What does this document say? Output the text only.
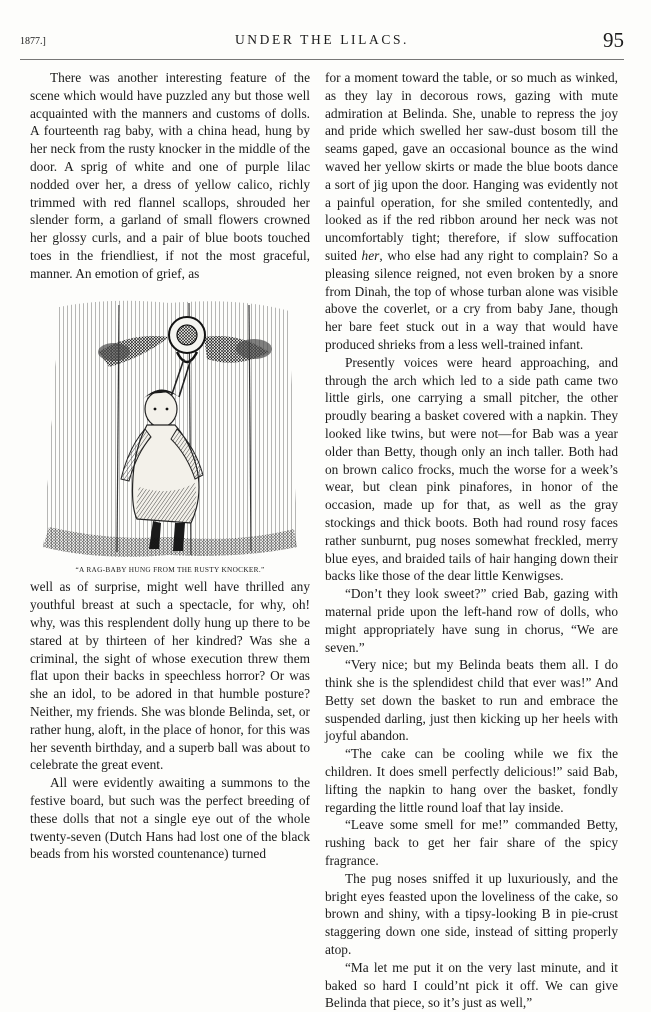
1877.]	UNDER THE LILACS.	95

There was another interesting feature of the scene which would have puzzled any but those well acquainted with the manners and customs of dolls. A fourteenth rag baby, with a china head, hung by her neck from the rusty knocker in the middle of the door. A sprig of white and one of purple lilac nodded over her, a dress of yellow calico, richly trimmed with red flannel scallops, shrouded her slender form, a garland of small flowers crowned her glossy curls, and a pair of blue boots touched toes in the friendliest, if not the most graceful, manner. An emotion of grief, as

“A RAG-BABY HUNG FROM THE RUSTY KNOCKER.”

well as of surprise, might well have thrilled any youthful breast at such a spectacle, for why, oh! why, was this resplendent dolly hung up there to be stared at by thirteen of her kindred? Was she a criminal, the sight of whose execution threw them flat upon their backs in speechless horror? Or was she an idol, to be adored in that humble posture? Neither, my friends. She was blonde Belinda, set, or rather hung, aloft, in the place of honor, for this was her seventh birthday, and a superb ball was about to celebrate the great event.

All were evidently awaiting a summons to the festive board, but such was the perfect breeding of these dolls that not a single eye out of the whole twenty-seven (Dutch Hans had lost one of the black beads from his worsted countenance) turned

for a moment toward the table, or so much as winked, as they lay in decorous rows, gazing with mute admiration at Belinda. She, unable to repress the joy and pride which swelled her saw-dust bosom till the seams gaped, gave an occasional bounce as the wind waved her yellow skirts or made the blue boots dance a sort of jig upon the door. Hanging was evidently not a painful operation, for she smiled contentedly, and looked as if the red ribbon around her neck was not uncomfortably tight; therefore, if slow suffocation suited her, who else had any right to complain? So a pleasing silence reigned, not even broken by a snore from Dinah, the top of whose turban alone was visible above the coverlet, or a cry from baby Jane, though her bare feet stuck out in a way that would have produced shrieks from a less well-trained infant.

Presently voices were heard approaching, and through the arch which led to a side path came two little girls, one carrying a small pitcher, the other proudly bearing a basket covered with a napkin. They looked like twins, but were not—for Bab was a year older than Betty, though only an inch taller. Both had on brown calico frocks, much the worse for a week’s wear, but clean pink pinafores, in honor of the occasion, made up for that, as well as the gray stockings and thick boots. Both had round rosy faces rather sunburnt, pug noses somewhat freckled, merry blue eyes, and braided tails of hair hanging down their backs like those of the dear little Kenwigses.

“Don’t they look sweet?” cried Bab, gazing with maternal pride upon the left-hand row of dolls, who might appropriately have sung in chorus, “We are seven.”

“Very nice; but my Belinda beats them all. I do think she is the splendidest child that ever was!” And Betty set down the basket to run and embrace the suspended darling, just then kicking up her heels with joyful abandon.

“The cake can be cooling while we fix the children. It does smell perfectly delicious!” said Bab, lifting the napkin to hang over the basket, fondly regarding the little round loaf that lay inside.

“Leave some smell for me!” commanded Betty, rushing back to get her fair share of the spicy fragrance.

The pug noses sniffed it up luxuriously, and the bright eyes feasted upon the loveliness of the cake, so brown and shiny, with a tipsy-looking B in pie-crust staggering down one side, instead of sitting properly atop.

“Ma let me put it on the very last minute, and it baked so hard I could’nt pick it off. We can give Belinda that piece, so it’s just as well,”
